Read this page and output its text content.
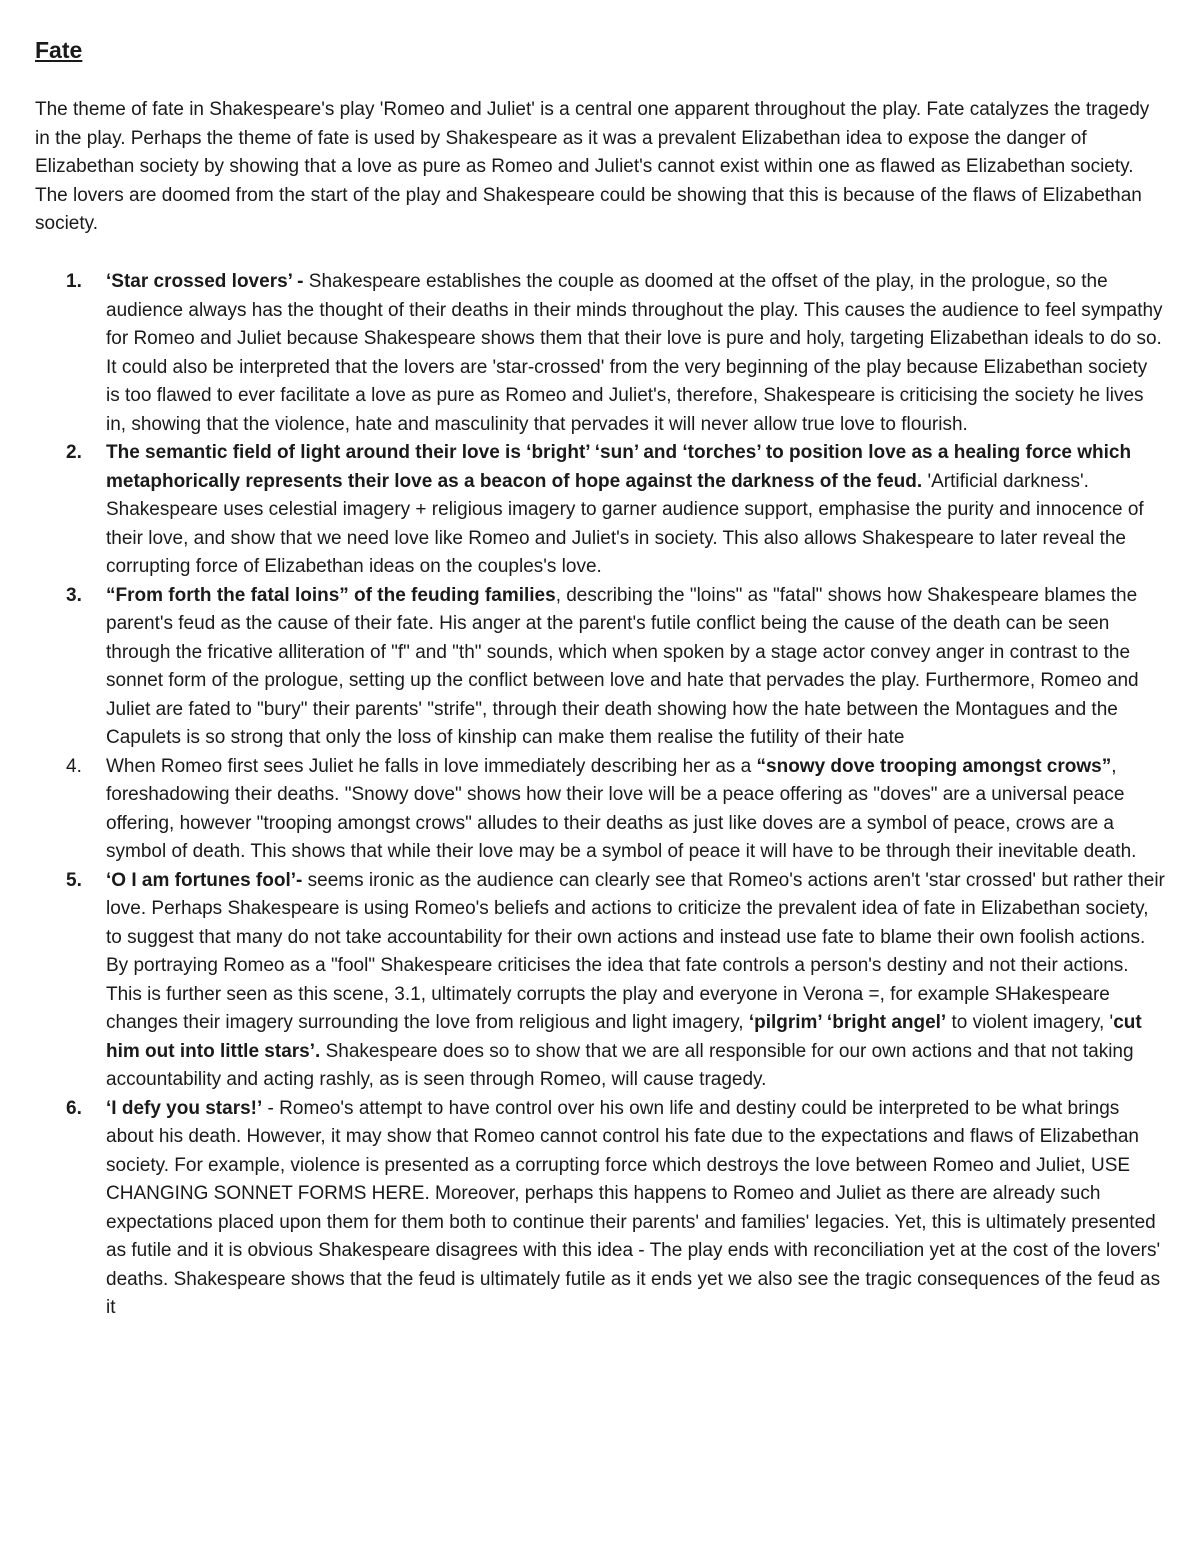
Fate

The theme of fate in Shakespeare's play 'Romeo and Juliet' is a central one apparent throughout the play. Fate catalyzes the tragedy in the play. Perhaps the theme of fate is used by Shakespeare as it was a prevalent Elizabethan idea to expose the danger of Elizabethan society by showing that a love as pure as Romeo and Juliet's cannot exist within one as flawed as Elizabethan society. The lovers are doomed from the start of the play and Shakespeare could be showing that this is because of the flaws of Elizabethan society.

1. ‘Star crossed lovers’ - Shakespeare establishes the couple as doomed at the offset of the play, in the prologue, so the audience always has the thought of their deaths in their minds throughout the play. This causes the audience to feel sympathy for Romeo and Juliet because Shakespeare shows them that their love is pure and holy, targeting Elizabethan ideals to do so. It could also be interpreted that the lovers are 'star-crossed' from the very beginning of the play because Elizabethan society is too flawed to ever facilitate a love as pure as Romeo and Juliet's, therefore, Shakespeare is criticising the society he lives in, showing that the violence, hate and masculinity that pervades it will never allow true love to flourish.
2. The semantic field of light around their love is ‘bright’ ‘sun’ and ‘torches’ to position love as a healing force which metaphorically represents their love as a beacon of hope against the darkness of the feud. 'Artificial darkness'. Shakespeare uses celestial imagery + religious imagery to garner audience support, emphasise the purity and innocence of their love, and show that we need love like Romeo and Juliet's in society. This also allows Shakespeare to later reveal the corrupting force of Elizabethan ideas on the couples's love.
3. “From forth the fatal loins” of the feuding families, describing the "loins" as "fatal" shows how Shakespeare blames the parent's feud as the cause of their fate. His anger at the parent's futile conflict being the cause of the death can be seen through the fricative alliteration of "f" and "th" sounds, which when spoken by a stage actor convey anger in contrast to the sonnet form of the prologue, setting up the conflict between love and hate that pervades the play. Furthermore, Romeo and Juliet are fated to "bury" their parents' "strife", through their death showing how the hate between the Montagues and the Capulets is so strong that only the loss of kinship can make them realise the futility of their hate
4. When Romeo first sees Juliet he falls in love immediately describing her as a “snowy dove trooping amongst crows”, foreshadowing their deaths. "Snowy dove" shows how their love will be a peace offering as "doves" are a universal peace offering, however "trooping amongst crows" alludes to their deaths as just like doves are a symbol of peace, crows are a symbol of death. This shows that while their love may be a symbol of peace it will have to be through their inevitable death.
5. ‘O I am fortunes fool’- seems ironic as the audience can clearly see that Romeo's actions aren't 'star crossed' but rather their love. Perhaps Shakespeare is using Romeo's beliefs and actions to criticize the prevalent idea of fate in Elizabethan society, to suggest that many do not take accountability for their own actions and instead use fate to blame their own foolish actions. By portraying Romeo as a "fool" Shakespeare criticises the idea that fate controls a person's destiny and not their actions. This is further seen as this scene, 3.1, ultimately corrupts the play and everyone in Verona =, for example SHakespeare changes their imagery surrounding the love from religious and light imagery, ‘pilgrim’ ‘bright angel’ to violent imagery, 'cut him out into little stars’. Shakespeare does so to show that we are all responsible for our own actions and that not taking accountability and acting rashly, as is seen through Romeo, will cause tragedy.
6. ‘I defy you stars!’ - Romeo's attempt to have control over his own life and destiny could be interpreted to be what brings about his death. However, it may show that Romeo cannot control his fate due to the expectations and flaws of Elizabethan society. For example, violence is presented as a corrupting force which destroys the love between Romeo and Juliet, USE CHANGING SONNET FORMS HERE. Moreover, perhaps this happens to Romeo and Juliet as there are already such expectations placed upon them for them both to continue their parents' and families' legacies. Yet, this is ultimately presented as futile and it is obvious Shakespeare disagrees with this idea - The play ends with reconciliation yet at the cost of the lovers' deaths. Shakespeare shows that the feud is ultimately futile as it ends yet we also see the tragic consequences of the feud as it
